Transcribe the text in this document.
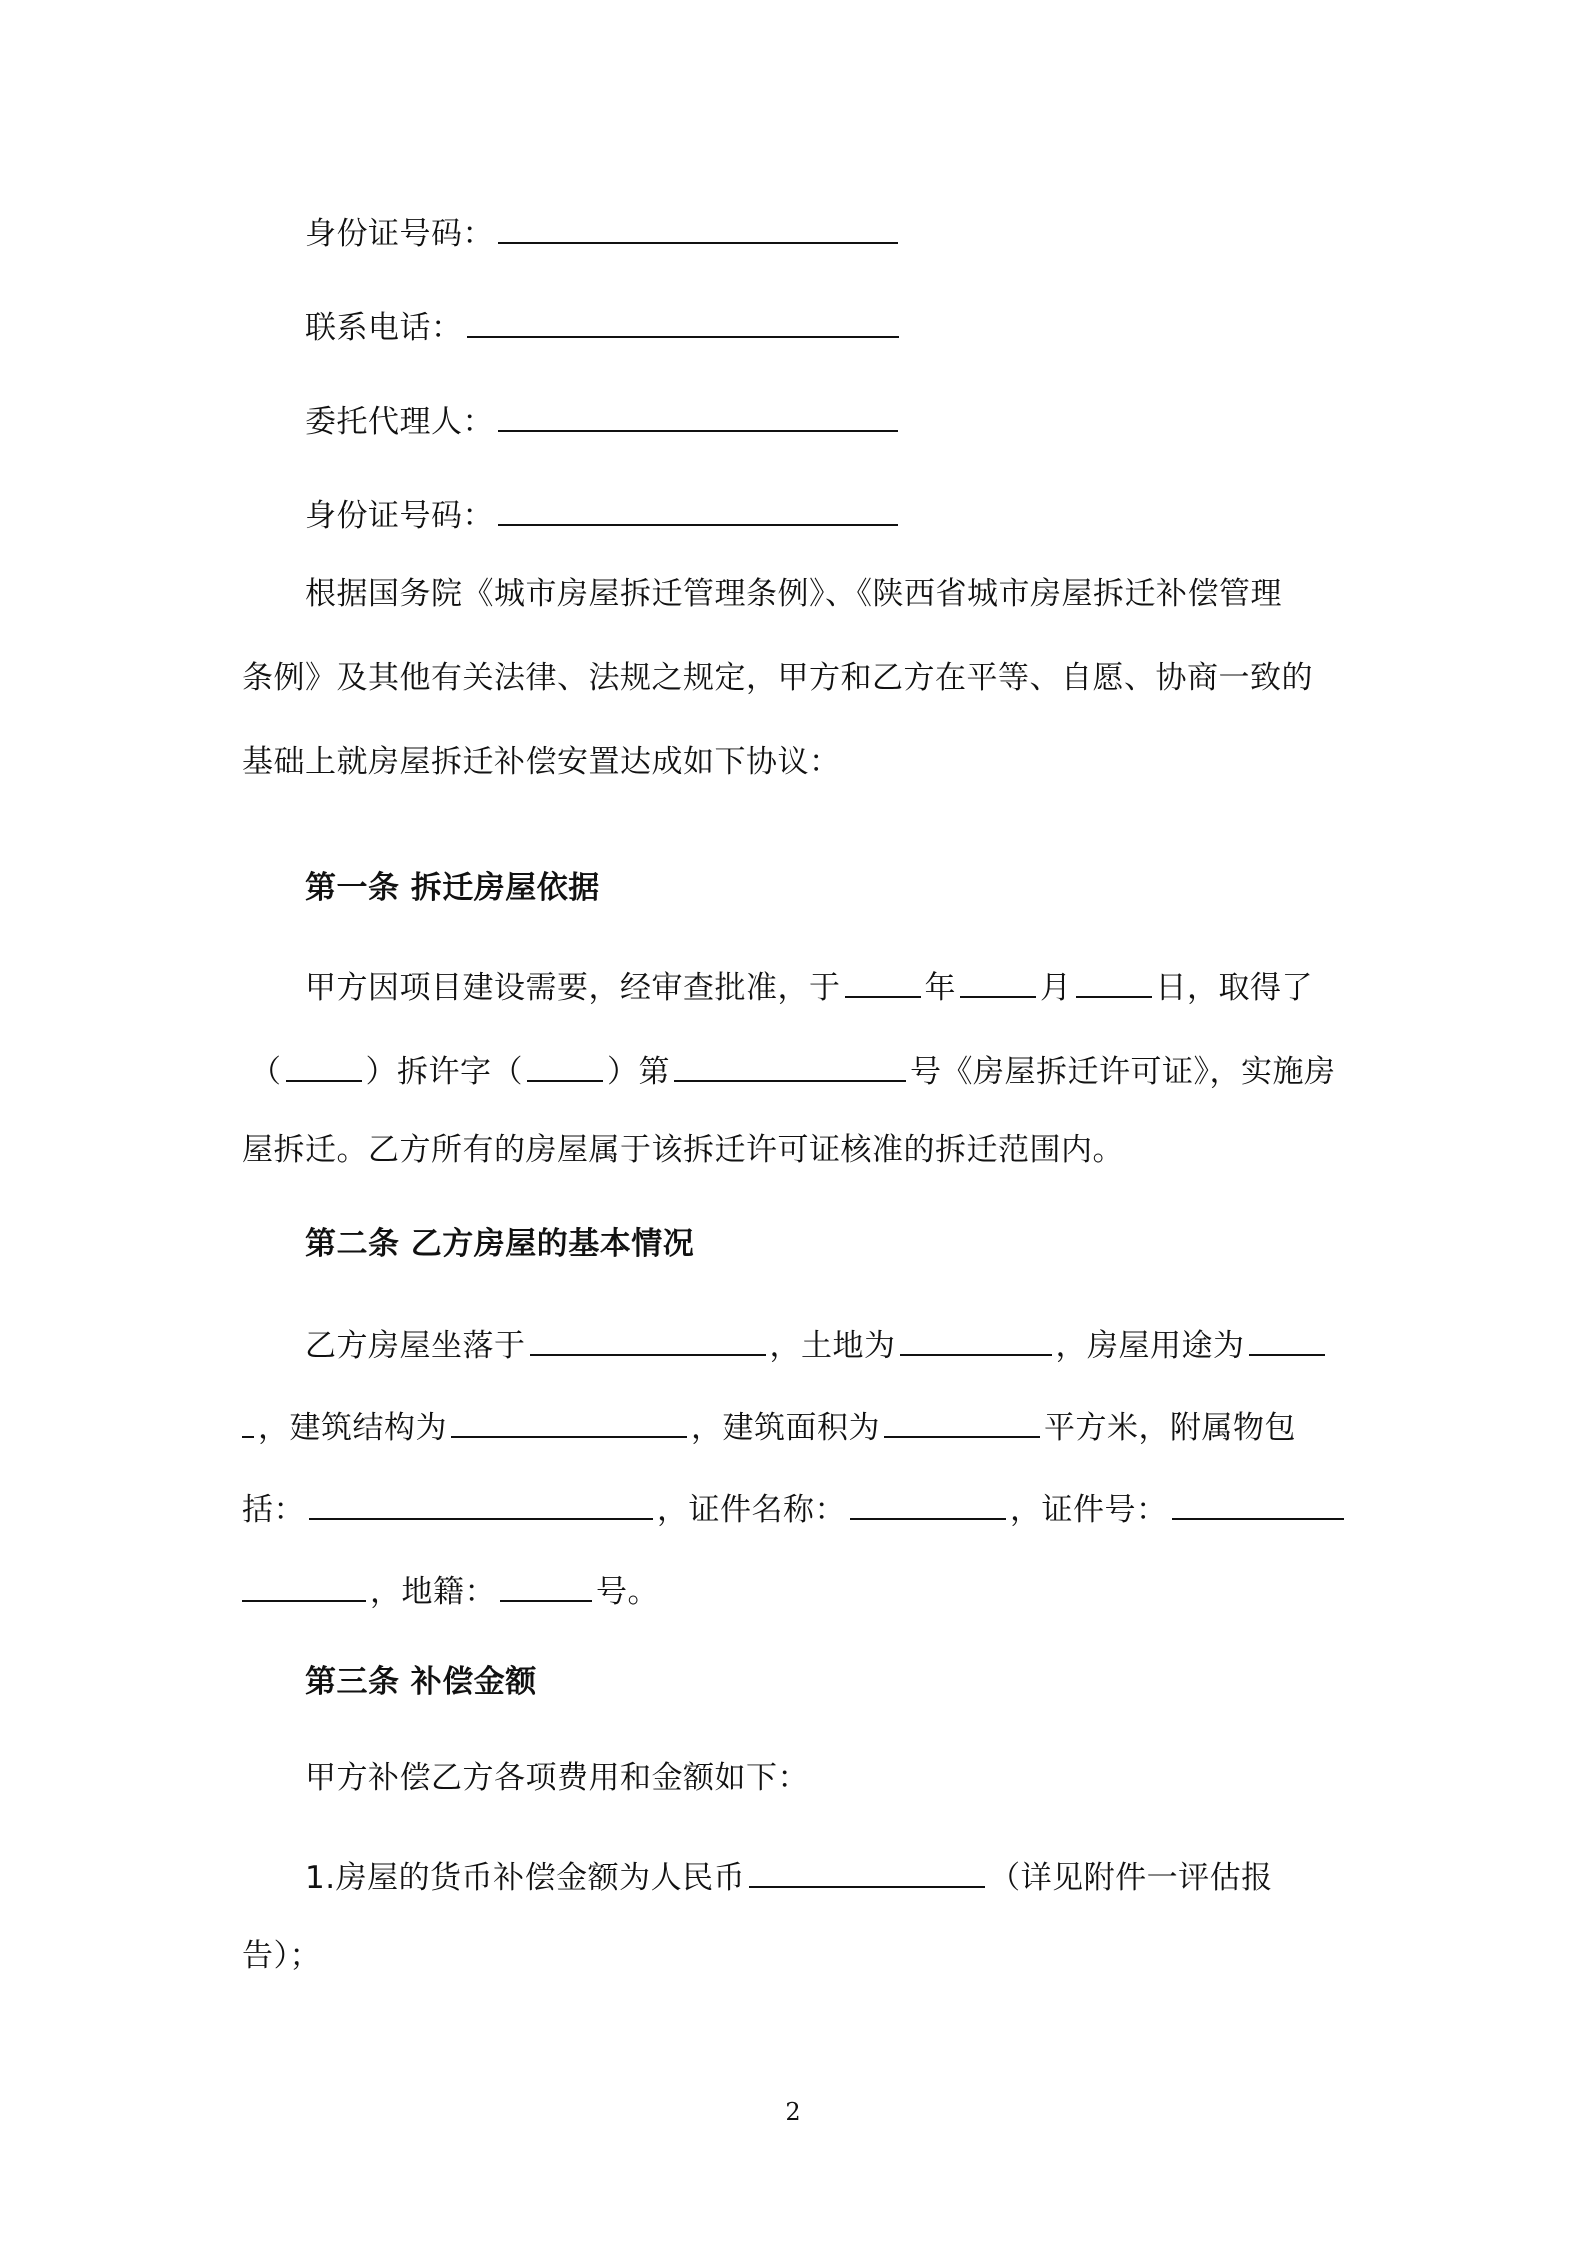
身份证号码：
联系电话：
委托代理人：
身份证号码：
根据国务院《城市房屋拆迁管理条例》、《陕西省城市房屋拆迁补偿管理
条例》及其他有关法律、法规之规定，甲方和乙方在平等、自愿、协商一致的
基础上就房屋拆迁补偿安置达成如下协议：
第一条 拆迁房屋依据
甲方因项目建设需要，经审查批准，于	年	月	日，取得了
（	）拆许字（	）第	号《房屋拆迁许可证》，实施房
屋拆迁。乙方所有的房屋属于该拆迁许可证核准的拆迁范围内。
第二条 乙方房屋的基本情况
乙方房屋坐落于	，土地为	，房屋用途为
，建筑结构为	，建筑面积为	平方米，附属物包
括：	，证件名称：	，证件号：
，地籍：	号。
第三条 补偿金额
甲方补偿乙方各项费用和金额如下：
1.房屋的货币补偿金额为人民币	（详见附件一评估报
告）；
2
